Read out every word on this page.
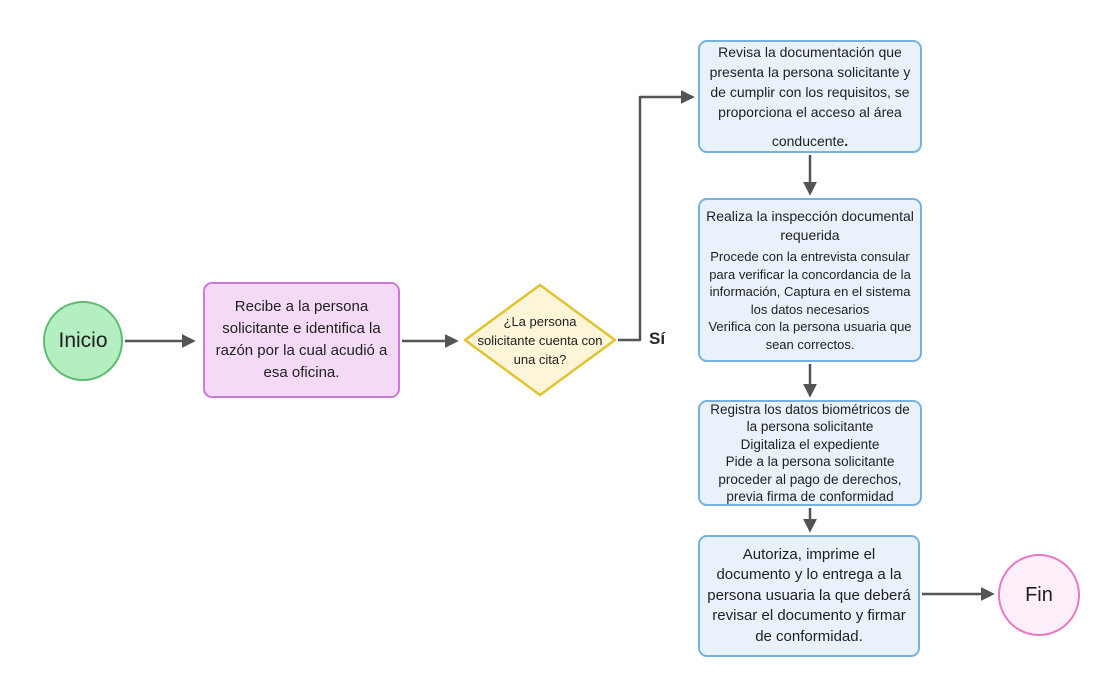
Inicio
Recibe a la persona solicitante e identifica la razón por la cual acudió a esa oficina.
¿La persona solicitante cuenta con una cita?
Sí
Revisa la documentación que presenta la persona solicitante y de cumplir con los requisitos, se proporciona el acceso al área
conducente.
Realiza la inspección documental requerida
Procede con la entrevista consular para verificar la concordancia de la información, Captura en el sistema los datos necesarios
Verifica con la persona usuaria que sean correctos.
Registra los datos biométricos de la persona solicitante
Digitaliza el expediente
Pide a la persona solicitante proceder al pago de derechos, previa firma de conformidad
Autoriza, imprime el documento y lo entrega a la persona usuaria la que deberá revisar el documento y firmar de conformidad.
Fin
